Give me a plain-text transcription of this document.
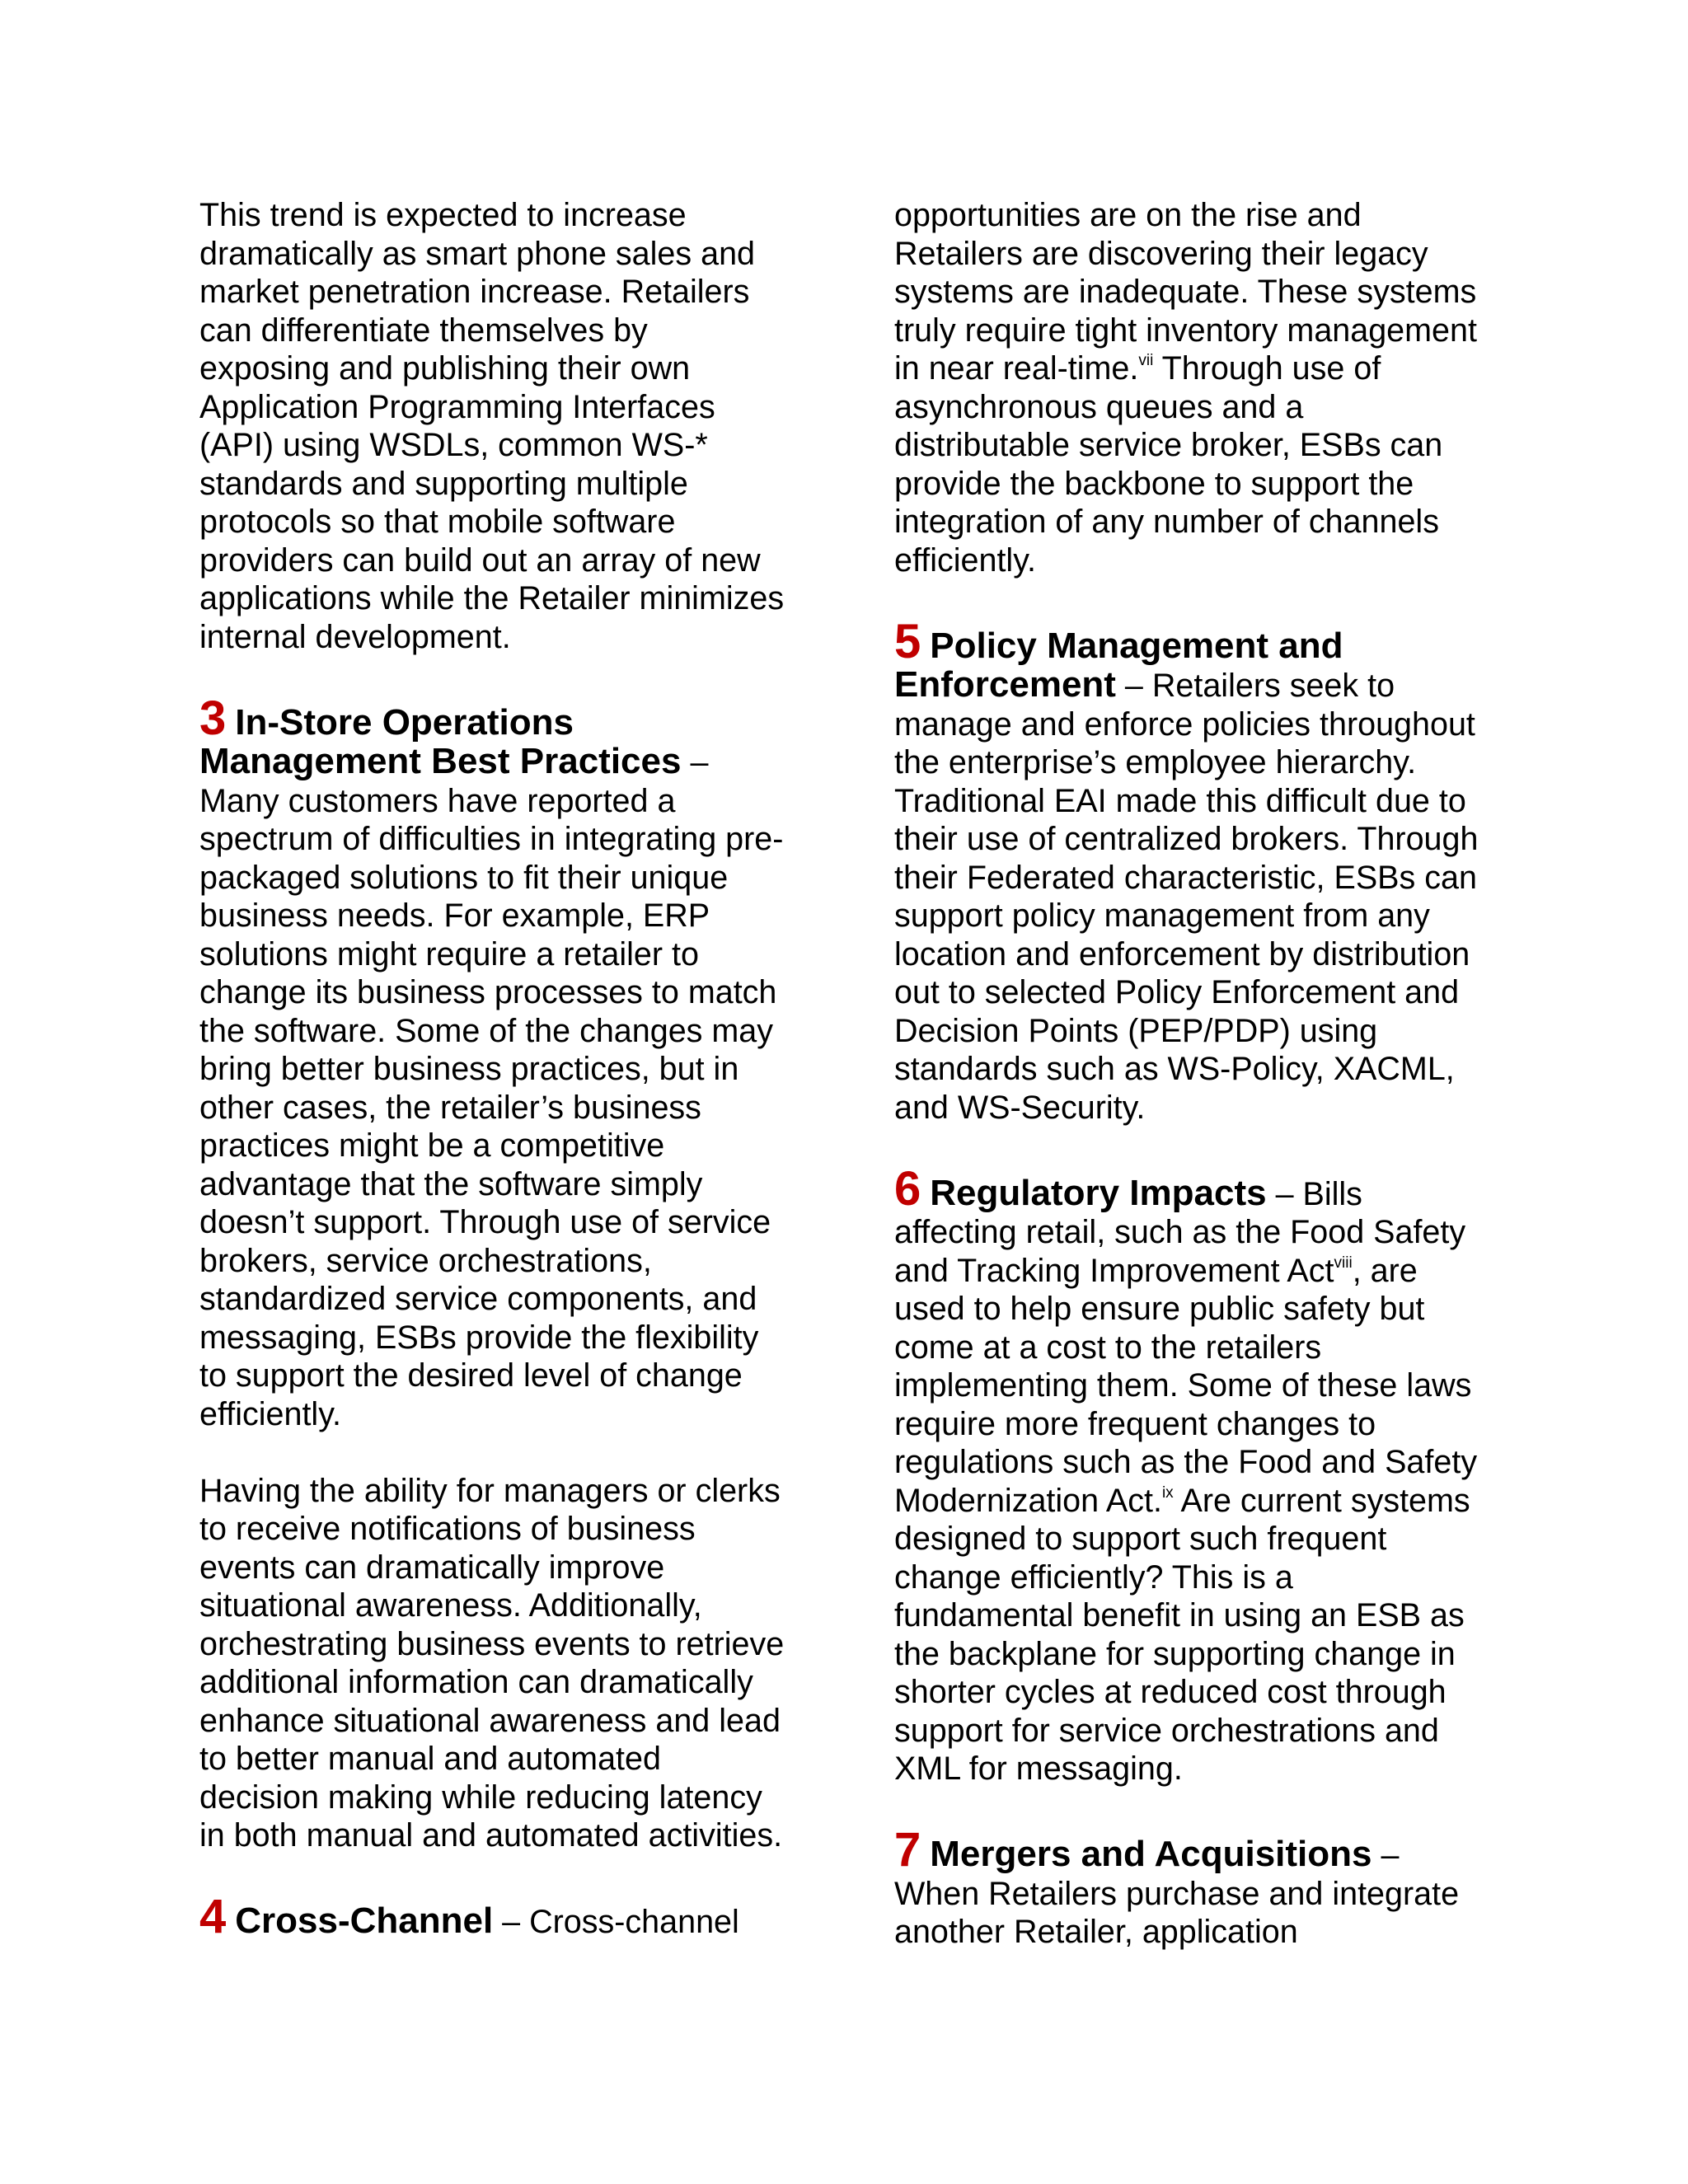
This trend is expected to increase
dramatically as smart phone sales and
market penetration increase. Retailers
can differentiate themselves by
exposing and publishing their own
Application Programming Interfaces
(API) using WSDLs, common WS-*
standards and supporting multiple
protocols so that mobile software
providers can build out an array of new
applications while the Retailer minimizes
internal development.
3 In-Store Operations
Management Best Practices –
Many customers have reported a
spectrum of difficulties in integrating pre-
packaged solutions to fit their unique
business needs. For example, ERP
solutions might require a retailer to
change its business processes to match
the software. Some of the changes may
bring better business practices, but in
other cases, the retailer’s business
practices might be a competitive
advantage that the software simply
doesn’t support. Through use of service
brokers, service orchestrations,
standardized service components, and
messaging, ESBs provide the flexibility
to support the desired level of change
efficiently.
Having the ability for managers or clerks
to receive notifications of business
events can dramatically improve
situational awareness. Additionally,
orchestrating business events to retrieve
additional information can dramatically
enhance situational awareness and lead
to better manual and automated
decision making while reducing latency
in both manual and automated activities.
4 Cross-Channel – Cross-channel
opportunities are on the rise and
Retailers are discovering their legacy
systems are inadequate. These systems
truly require tight inventory management
in near real-time.$^{vii}$ Through use of
asynchronous queues and a
distributable service broker, ESBs can
provide the backbone to support the
integration of any number of channels
efficiently.
5 Policy Management and
Enforcement – Retailers seek to
manage and enforce policies throughout
the enterprise’s employee hierarchy.
Traditional EAI made this difficult due to
their use of centralized brokers. Through
their Federated characteristic, ESBs can
support policy management from any
location and enforcement by distribution
out to selected Policy Enforcement and
Decision Points (PEP/PDP) using
standards such as WS-Policy, XACML,
and WS-Security.
6 Regulatory Impacts – Bills
affecting retail, such as the Food Safety
and Tracking Improvement Act$^{viii}$, are
used to help ensure public safety but
come at a cost to the retailers
implementing them. Some of these laws
require more frequent changes to
regulations such as the Food and Safety
Modernization Act.$^{ix}$ Are current systems
designed to support such frequent
change efficiently? This is a
fundamental benefit in using an ESB as
the backplane for supporting change in
shorter cycles at reduced cost through
support for service orchestrations and
XML for messaging.
7 Mergers and Acquisitions –
When Retailers purchase and integrate
another Retailer, application
